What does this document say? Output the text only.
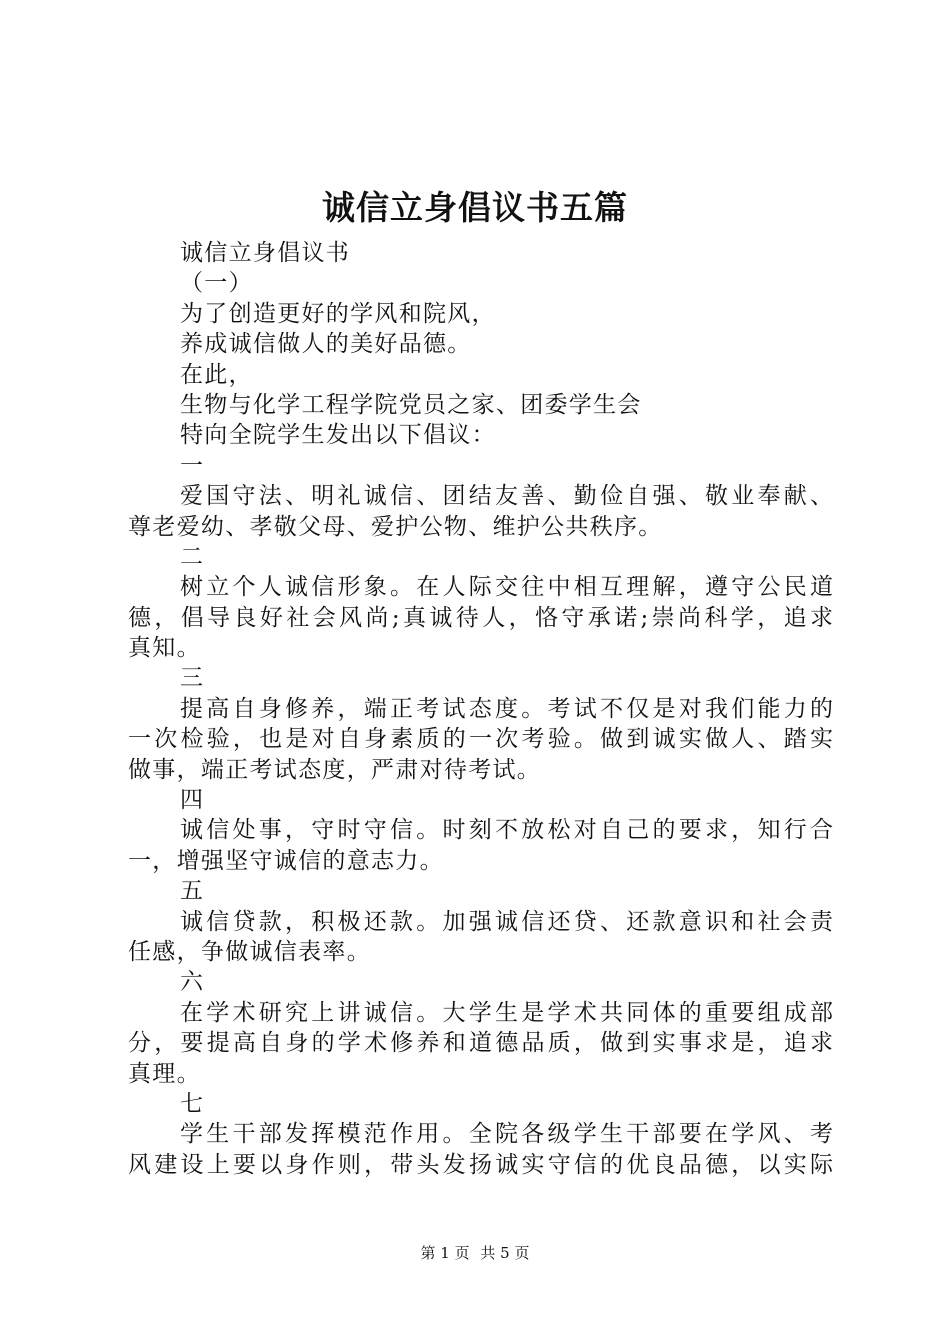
诚信立身倡议书五篇
诚信立身倡议书
（一）
为了创造更好的学风和院风，
养成诚信做人的美好品德。
在此，
生物与化学工程学院党员之家、团委学生会
特向全院学生发出以下倡议：
一
爱国守法、明礼诚信、团结友善、勤俭自强、敬业奉献、
尊老爱幼、孝敬父母、爱护公物、维护公共秩序。
二
树立个人诚信形象。在人际交往中相互理解，遵守公民道
德，倡导良好社会风尚;真诚待人，恪守承诺;崇尚科学，追求
真知。
三
提高自身修养，端正考试态度。考试不仅是对我们能力的
一次检验，也是对自身素质的一次考验。做到诚实做人、踏实
做事，端正考试态度，严肃对待考试。
四
诚信处事，守时守信。时刻不放松对自己的要求，知行合
一，增强坚守诚信的意志力。
五
诚信贷款，积极还款。加强诚信还贷、还款意识和社会责
任感，争做诚信表率。
六
在学术研究上讲诚信。大学生是学术共同体的重要组成部
分，要提高自身的学术修养和道德品质，做到实事求是，追求
真理。
七
学生干部发挥模范作用。全院各级学生干部要在学风、考
风建设上要以身作则，带头发扬诚实守信的优良品德，以实际
第 1 页 共 5 页
